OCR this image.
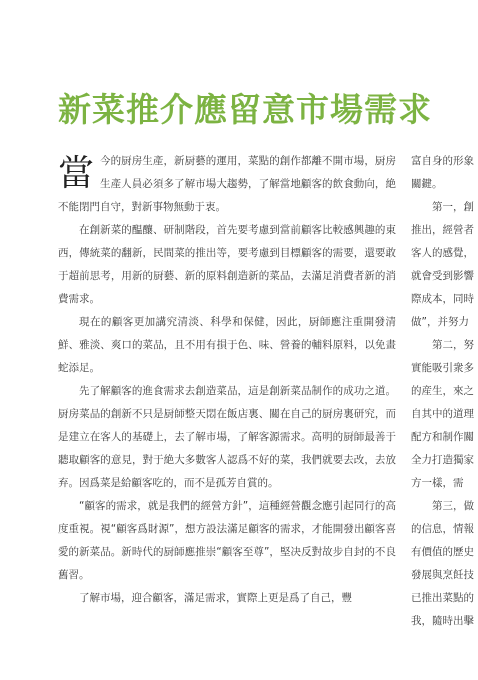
新菜推介應留意市場需求

當今的厨房生產，新厨藝的運用，菜點的創作都離不開市場，厨房生產人員必須多了解市場大趨勢，了解當地顧客的飲食動向，絶不能閉門自守，對新事物無動于衷。

在創新菜的醖釀、研制階段，首先要考慮到當前顧客比較感興趣的東西，傳統菜的翻新，民間菜的推出等，要考慮到目標顧客的需要，還要敢于超前思考，用新的厨藝、新的原料創造新的菜品，去滿足消費者新的消費需求。

現在的顧客更加講究清淡、科學和保健，因此，厨師應注重開發清鮮、雅淡、爽口的菜品，且不用有損于色、味、營養的輔料原料，以免畫蛇添足。

先了解顧客的進食需求去創造菜品，這是創新菜品制作的成功之道。厨房菜品的創新不只是厨師整天悶在飯店裏、關在自己的厨房裏研究，而是建立在客人的基礎上，去了解市場，了解客源需求。高明的厨師最善于聽取顧客的意見，對于絶大多數客人認爲不好的菜，我們就要去改，去放弃。因爲菜是給顧客吃的，而不是孤芳自賞的。

“顧客的需求，就是我們的經營方針”，這種經營觀念應引起同行的高度重視。視“顧客爲財源”，想方設法滿足顧客的需求，才能開發出顧客喜愛的新菜品。新時代的厨師應推崇“顧客至尊”，堅决反對故步自封的不良舊習。

了解市場，迎合顧客，滿足需求，實際上更是爲了自己，豐

富自身的形象
關鍵。
第一，創
推出，經營者
客人的感覺，
就會受到影響
際成本，同時
做”，并努力
第二，努
實能吸引衆多
的産生，來之
自其中的道理
配方和制作關
全力打造獨家
方一樣，需
第三，做
的信息，情報
有價值的歷史
發展與烹飪技
已推出菜點的
我，隨時出擊
